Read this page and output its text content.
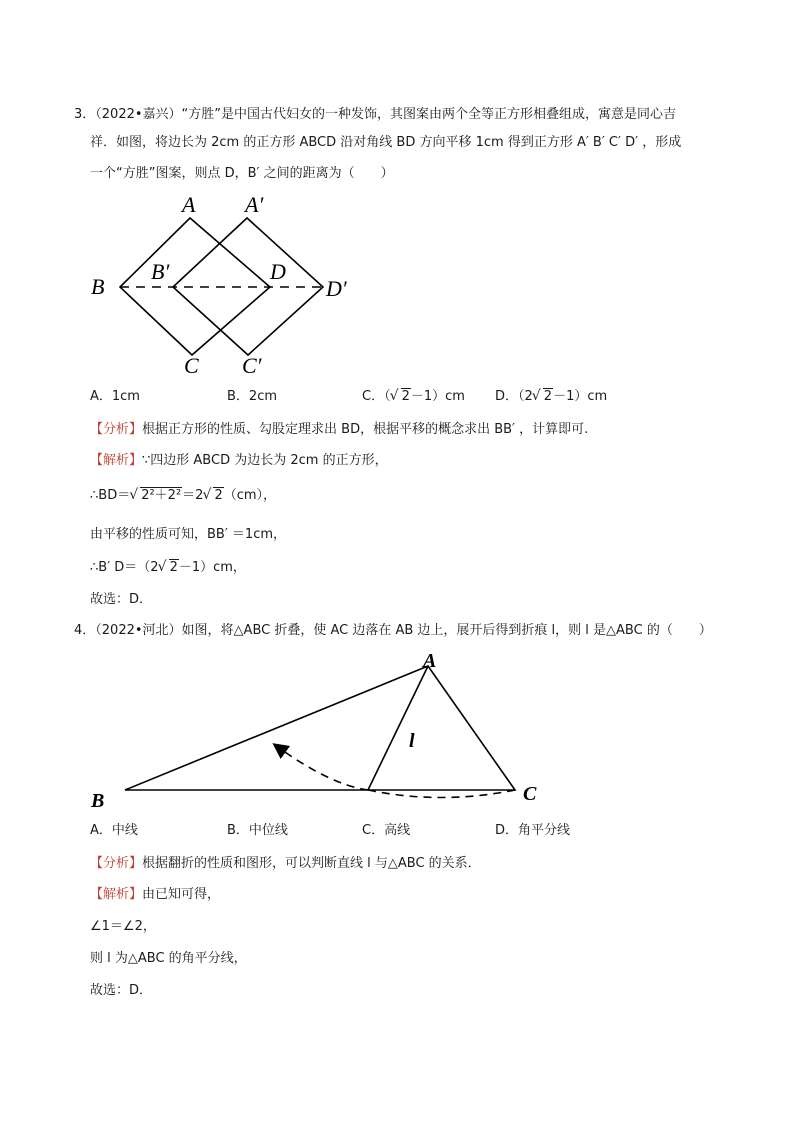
3．（2022•嘉兴）“方胜”是中国古代妇女的一种发饰，其图案由两个全等正方形相叠组成，寓意是同心吉
祥．如图，将边长为 2cm 的正方形 ABCD 沿对角线 BD 方向平移 1cm 得到正方形 A′ B′ C′ D′ ，形成
一个“方胜”图案，则点 D，B′ 之间的距离为（　　）
A A′
B
B′	D
D′
C C′
A．1cm	B．2cm	C．（ √ 2－1）cm D．（2 √ 2－1）cm
【分析】根据正方形的性质、勾股定理求出 BD，根据平移的概念求出 BB′ ，计算即可.
【解析】∵四边形 ABCD 为边长为 2cm 的正方形，
∴BD＝ √ 2²＋2²＝2 √ 2（cm），
由平移的性质可知，BB′ ＝1cm，
∴B′ D＝（2 √ 2－1）cm，
故选：D．
4．（2022•河北）如图，将△ABC 折叠，使 AC 边落在 AB 边上，展开后得到折痕 l，则 l 是△ABC 的（　　）
A
B	C
l
A．中线	B．中位线	C．高线	D．角平分线
【分析】根据翻折的性质和图形，可以判断直线 l 与△ABC 的关系．
【解析】由已知可得，
∠1＝∠2，
则 l 为△ABC 的角平分线，
故选：D．
